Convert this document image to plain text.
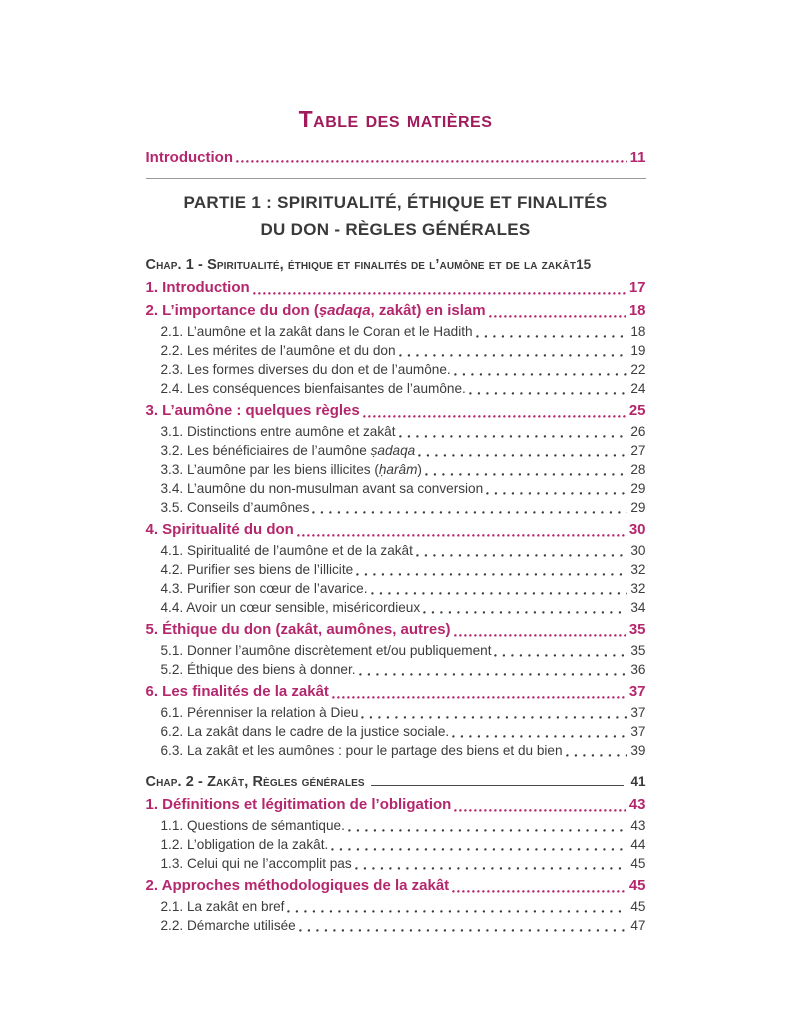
Table des matières
Introduction	11
PARTIE 1 : SPIRITUALITÉ, ÉTHIQUE ET FINALITÉS
DU DON - RÈGLES GÉNÉRALES
Chap. 1 - Spiritualité, éthique et finalités de l’aumône et de la zakât 15
1. Introduction	17
2. L’importance du don (ṣadaqa, zakât) en islam	18
2.1. L’aumône et la zakât dans le Coran et le Hadith	18
2.2. Les mérites de l’aumône et du don	19
2.3. Les formes diverses du don et de l’aumône.	22
2.4. Les conséquences bienfaisantes de l’aumône.	24
3. L’aumône : quelques règles	25
3.1. Distinctions entre aumône et zakât	26
3.2. Les bénéficiaires de l’aumône ṣadaqa	27
3.3. L’aumône par les biens illicites (ḥarâm)	28
3.4. L’aumône du non-musulman avant sa conversion	29
3.5. Conseils d’aumônes	29
4. Spiritualité du don	30
4.1. Spiritualité de l’aumône et de la zakât	30
4.2. Purifier ses biens de l’illicite	32
4.3. Purifier son cœur de l’avarice.	32
4.4. Avoir un cœur sensible, miséricordieux	34
5. Éthique du don (zakât, aumônes, autres)	35
5.1. Donner l’aumône discrètement et/ou publiquement	35
5.2. Éthique des biens à donner.	36
6. Les finalités de la zakât	37
6.1. Pérenniser la relation à Dieu	37
6.2. La zakât dans le cadre de la justice sociale.	37
6.3. La zakât et les aumônes : pour le partage des biens et du bien	39
Chap. 2 - Zakât, Règles générales	41
1. Définitions et légitimation de l’obligation	43
1.1. Questions de sémantique.	43
1.2. L’obligation de la zakât.	44
1.3. Celui qui ne l’accomplit pas	45
2. Approches méthodologiques de la zakât	45
2.1. La zakât en bref	45
2.2. Démarche utilisée	47
